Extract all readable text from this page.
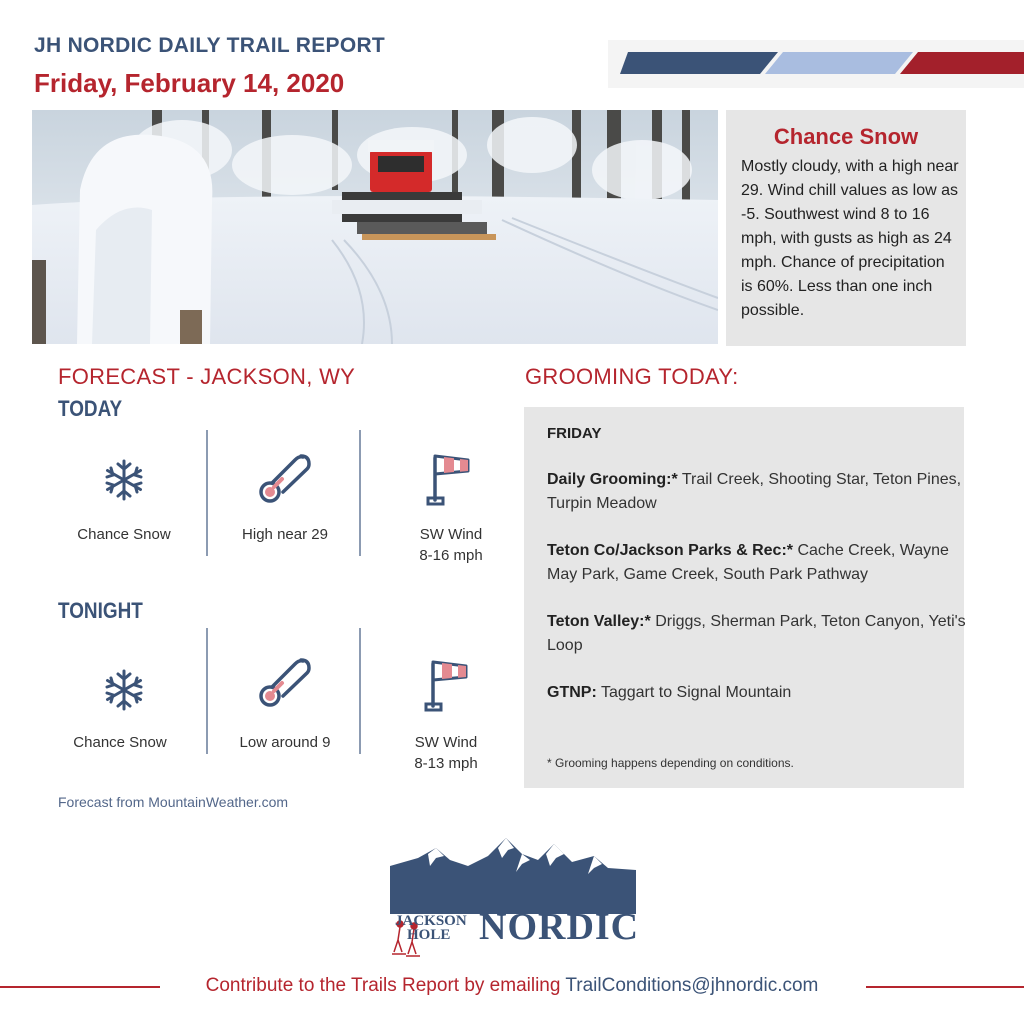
JH NORDIC DAILY TRAIL REPORT
Friday, February 14, 2020
Chance Snow
Mostly cloudy, with a high near 29. Wind chill values as low as -5. Southwest wind 8 to 16 mph, with gusts as high as 24 mph. Chance of precipitation is 60%. Less than one inch possible.
FORECAST - JACKSON, WY
TODAY
Chance Snow	High near 29	SW Wind
8-16 mph
TONIGHT
Chance Snow	Low around 9	SW Wind
8-13 mph
Forecast from MountainWeather.com
GROOMING TODAY:
FRIDAY
Daily Grooming:* Trail Creek, Shooting Star, Teton Pines, Turpin Meadow
Teton Co/Jackson Parks & Rec:* Cache Creek, Wayne May Park, Game Creek, South Park Pathway
Teton Valley:* Driggs, Sherman Park, Teton Canyon, Yeti's Loop
GTNP: Taggart to Signal Mountain
* Grooming happens depending on conditions.
JACKSON
HOLE NORDIC
Contribute to the Trails Report by emailing TrailConditions@jhnordic.com
